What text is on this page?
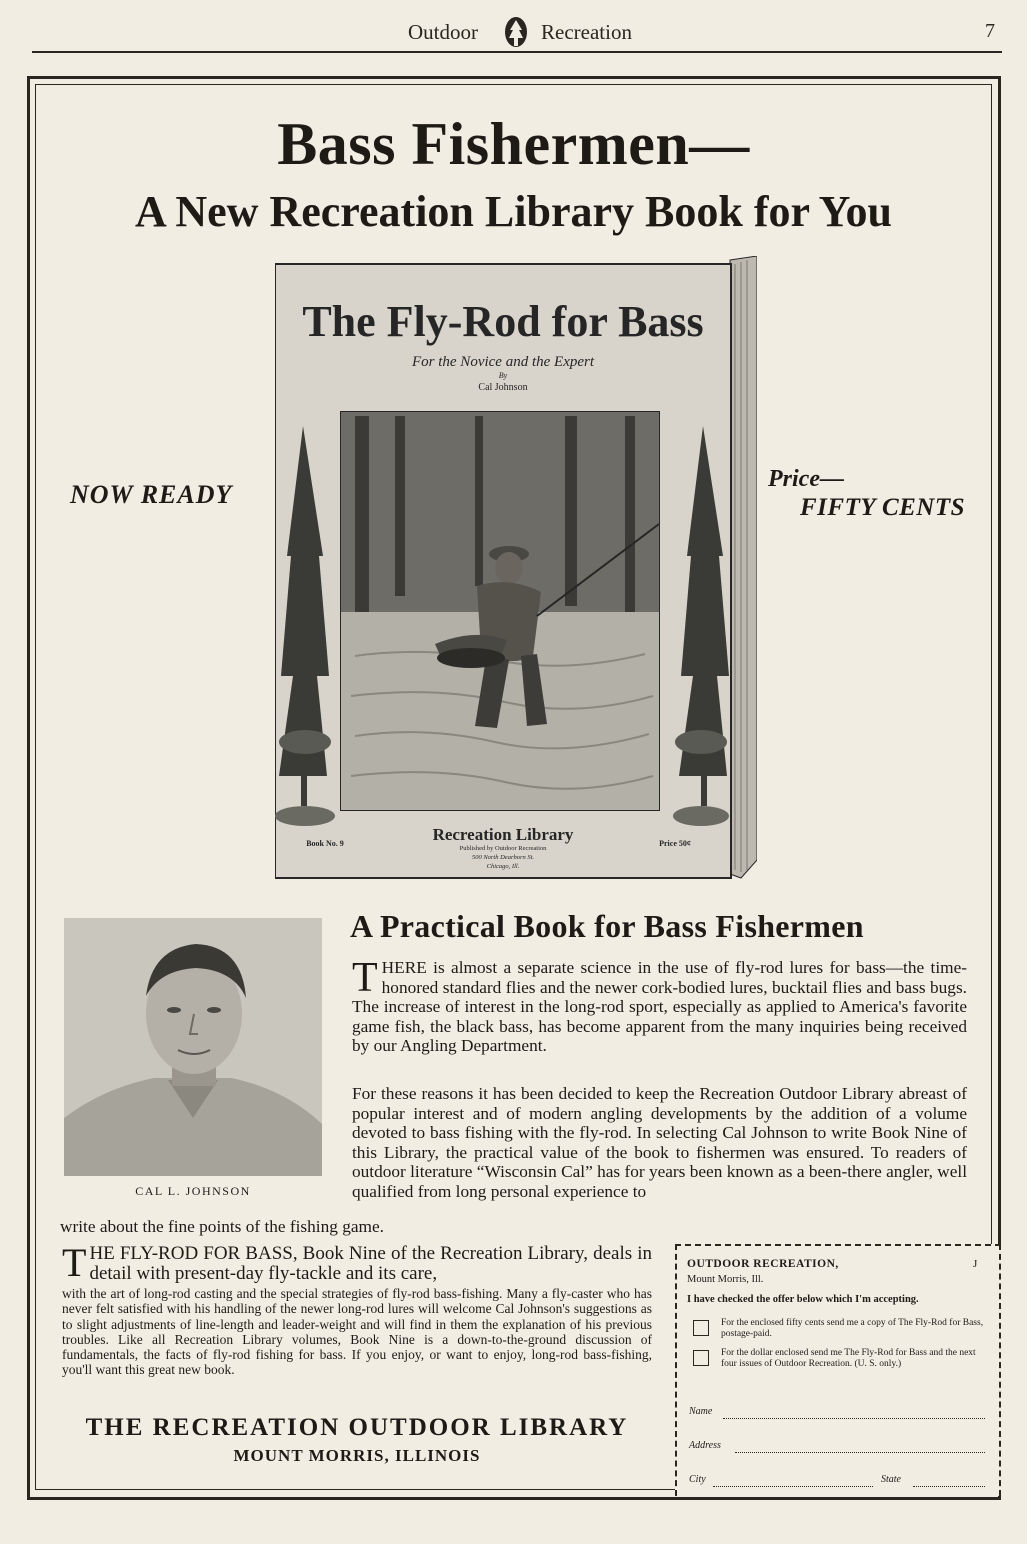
Outdoor	Recreation	7
Bass Fishermen—
A New Recreation Library Book for You
NOW READY
Price—
FIFTY CENTS
The Fly-Rod for Bass
For the Novice and the Expert
By
Cal Johnson
Recreation Library
Published by Outdoor Recreation
500 North Dearborn St.
Chicago, Ill.
Book No. 9	Price 50¢
CAL L. JOHNSON
A Practical Book for Bass Fishermen
THERE is almost a separate science in the use of fly-rod lures for bass—the time-honored standard flies and the newer cork-bodied lures, bucktail flies and bass bugs. The increase of interest in the long-rod sport, especially as applied to America's favorite game fish, the black bass, has become apparent from the many inquiries being received by our Angling Department.
For these reasons it has been decided to keep the Recreation Outdoor Library abreast of popular interest and of modern angling developments by the addition of a volume devoted to bass fishing with the fly-rod. In selecting Cal Johnson to write Book Nine of this Library, the practical value of the book to fishermen was ensured. To readers of outdoor literature “Wisconsin Cal” has for years been known as a been-there angler, well qualified from long personal experience to
write about the fine points of the fishing game.
THE FLY-ROD FOR BASS, Book Nine of the Recreation Library, deals in detail with present-day fly-tackle and its care,
with the art of long-rod casting and the special strategies of fly-rod bass-fishing. Many a fly-caster who has never felt satisfied with his handling of the newer long-rod lures will welcome Cal Johnson's suggestions as to slight adjustments of line-length and leader-weight and will find in them the explanation of his previous troubles. Like all Recreation Library volumes, Book Nine is a down-to-the-ground discussion of fundamentals, the facts of fly-rod fishing for bass. If you enjoy, or want to enjoy, long-rod bass-fishing, you'll want this great new book.
THE RECREATION OUTDOOR LIBRARY
MOUNT MORRIS, ILLINOIS
OUTDOOR RECREATION,	J
Mount Morris, Ill.
I have checked the offer below which I'm accepting.
For the enclosed fifty cents send me a copy of The Fly-Rod for Bass, postage-paid.
For the dollar enclosed send me The Fly-Rod for Bass and the next four issues of Outdoor Recreation. (U. S. only.)
Name
Address
City	State
